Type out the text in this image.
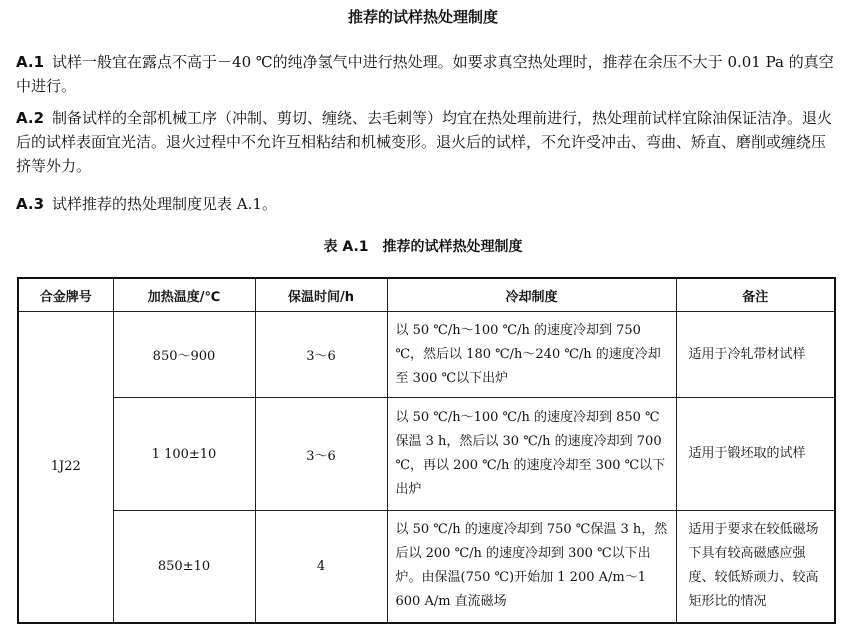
推荐的试样热处理制度
A.1 试样一般宜在露点不高于－40 ℃的纯净氢气中进行热处理。如要求真空热处理时，推荐在余压不大于 0.01 Pa 的真空中进行。
A.2 制备试样的全部机械工序（冲制、剪切、缠绕、去毛刺等）均宜在热处理前进行，热处理前试样宜除油保证洁净。退火后的试样表面宜光洁。退火过程中不允许互相粘结和机械变形。退火后的试样，不允许受冲击、弯曲、矫直、磨削或缠绕压挤等外力。
A.3 试样推荐的热处理制度见表 A.1。
表 A.1　推荐的试样热处理制度
合金牌号	加热温度/℃	保温时间/h	冷却制度	备注
1J22	850～900	3～6	以 50 ℃/h～100 ℃/h 的速度冷却到 750 ℃，然后以 180 ℃/h～240 ℃/h 的速度冷却至 300 ℃以下出炉	适用于冷轧带材试样
	1 100±10	3～6	以 50 ℃/h～100 ℃/h 的速度冷却到 850 ℃保温 3 h，然后以 30 ℃/h 的速度冷却到 700 ℃，再以 200 ℃/h 的速度冷却至 300 ℃以下出炉	适用于锻坯取的试样
	850±10	4	以 50 ℃/h 的速度冷却到 750 ℃保温 3 h，然后以 200 ℃/h 的速度冷却到 300 ℃以下出炉。由保温(750 ℃)开始加 1 200 A/m～1 600 A/m 直流磁场	适用于要求在较低磁场下具有较高磁感应强度、较低矫顽力、较高矩形比的情况
